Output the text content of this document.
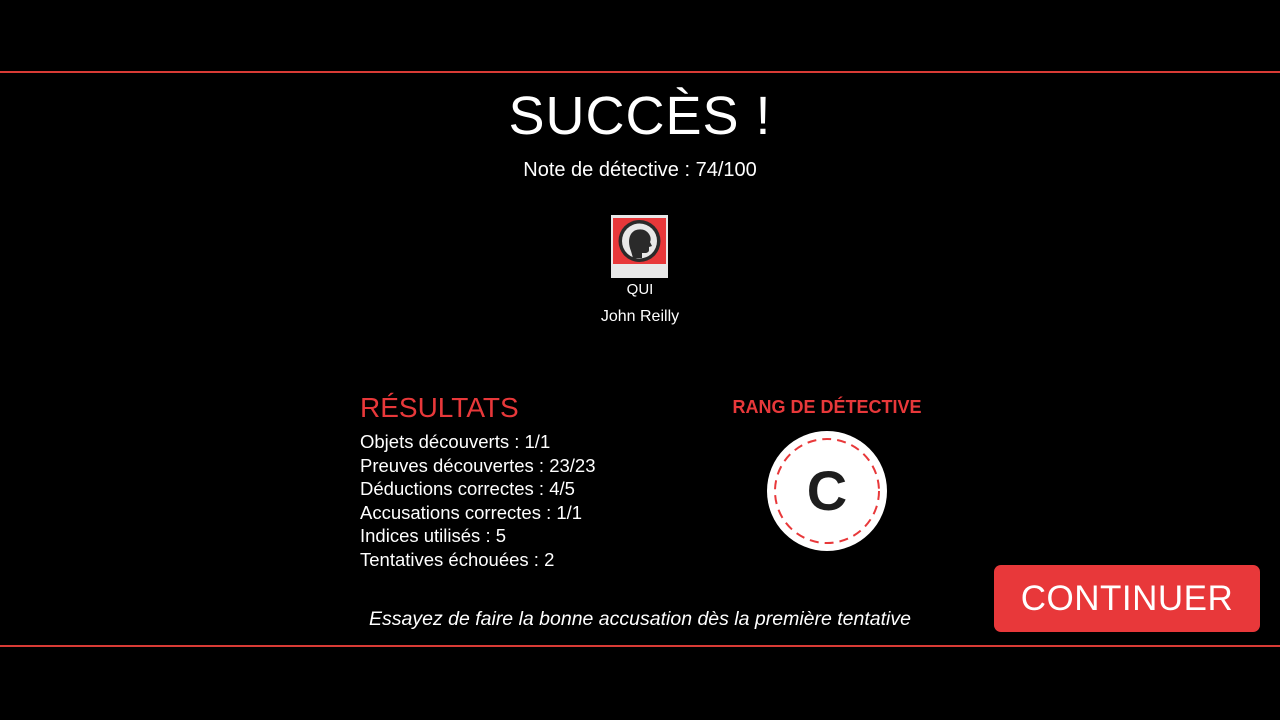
SUCCÈS !
Note de détective : 74/100
QUI
John Reilly
RÉSULTATS
Objets découverts : 1/1
Preuves découvertes : 23/23
Déductions correctes : 4/5
Accusations correctes : 1/1
Indices utilisés : 5
Tentatives échouées : 2
RANG DE DÉTECTIVE
C
Essayez de faire la bonne accusation dès la première tentative
CONTINUER
